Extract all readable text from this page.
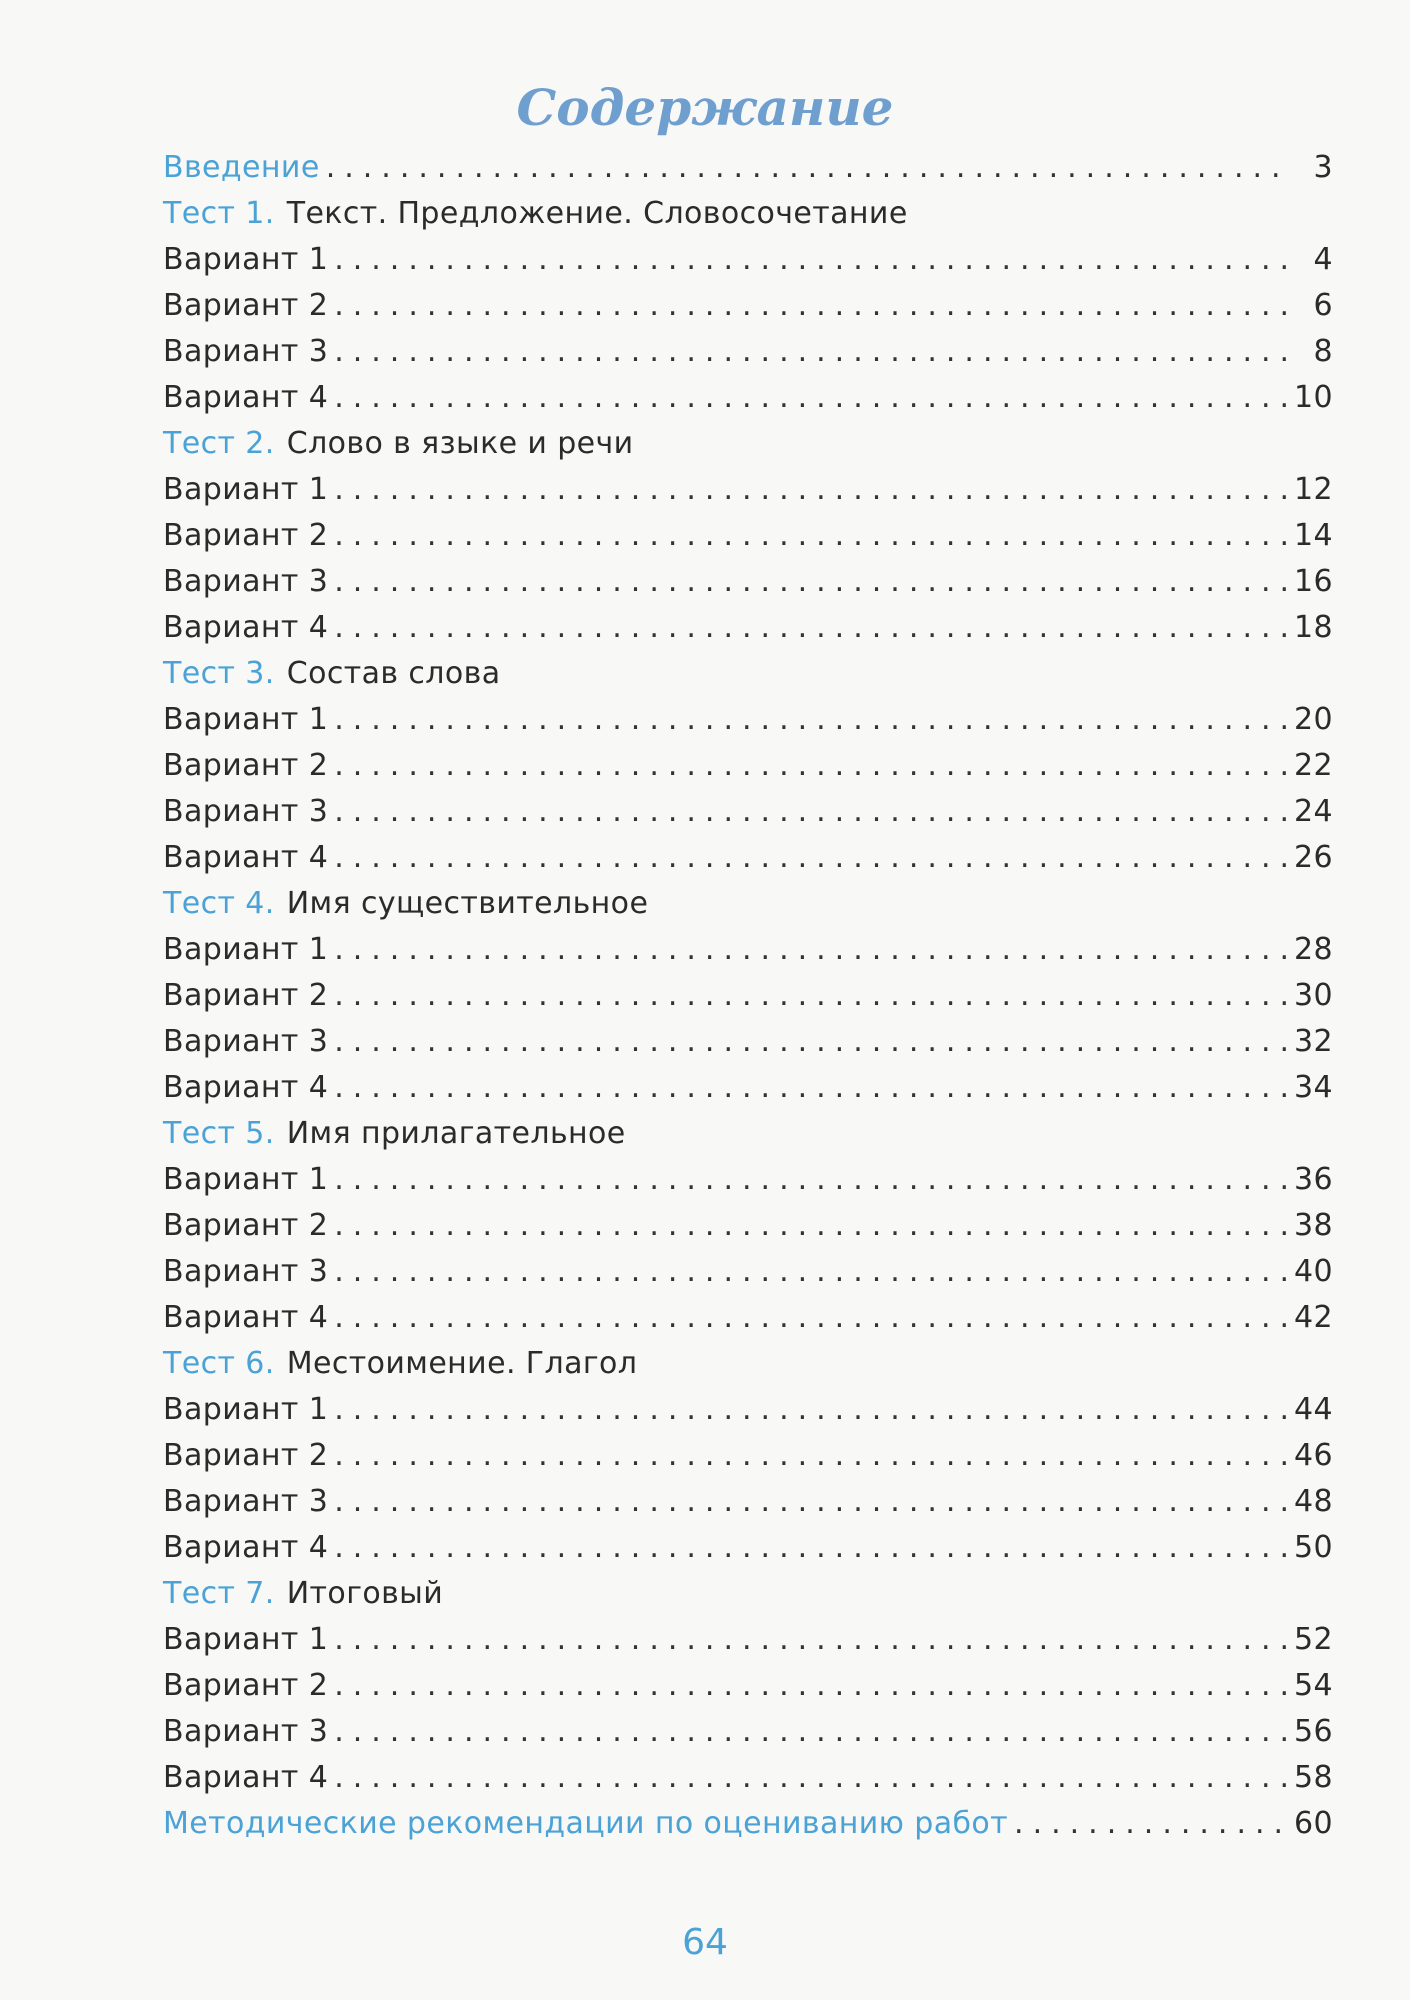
Содержание
Введение .....	3
Тест 1. Текст. Предложение. Словосочетание
Вариант 1 .....	4
Вариант 2 .....	6
Вариант 3 .....	8
Вариант 4 .....	10
Тест 2. Слово в языке и речи
Вариант 1 .....	12
Вариант 2 .....	14
Вариант 3 .....	16
Вариант 4 .....	18
Тест 3. Состав слова
Вариант 1 .....	20
Вариант 2 .....	22
Вариант 3 .....	24
Вариант 4 .....	26
Тест 4. Имя существительное
Вариант 1 .....	28
Вариант 2 .....	30
Вариант 3 .....	32
Вариант 4 .....	34
Тест 5. Имя прилагательное
Вариант 1 .....	36
Вариант 2 .....	38
Вариант 3 .....	40
Вариант 4 .....	42
Тест 6. Местоимение. Глагол
Вариант 1 .....	44
Вариант 2 .....	46
Вариант 3 .....	48
Вариант 4 .....	50
Тест 7. Итоговый
Вариант 1 .....	52
Вариант 2 .....	54
Вариант 3 .....	56
Вариант 4 .....	58
Методические рекомендации по оцениванию работ .....	60
64
